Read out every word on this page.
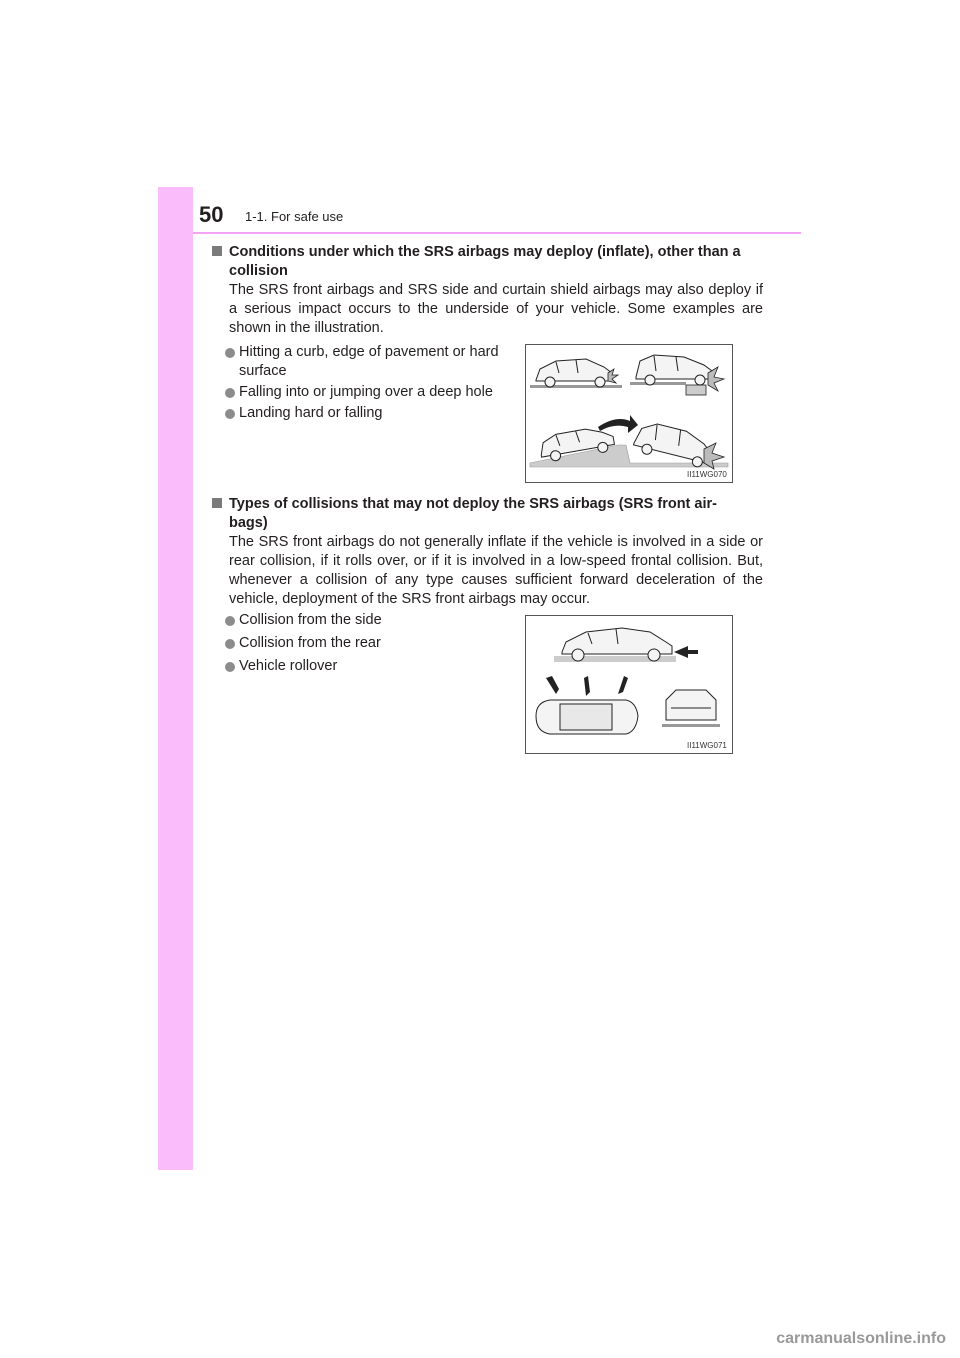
50 1-1. For safe use
Conditions under which the SRS airbags may deploy (inflate), other than a collision
The SRS front airbags and SRS side and curtain shield airbags may also deploy if a serious impact occurs to the underside of your vehicle. Some examples are shown in the illustration.
Hitting a curb, edge of pavement or hard surface
Falling into or jumping over a deep hole
Landing hard or falling
II11WG070
Types of collisions that may not deploy the SRS airbags (SRS front air-bags)
The SRS front airbags do not generally inflate if the vehicle is involved in a side or rear collision, if it rolls over, or if it is involved in a low-speed frontal collision. But, whenever a collision of any type causes sufficient forward deceleration of the vehicle, deployment of the SRS front airbags may occur.
Collision from the side
Collision from the rear
Vehicle rollover
II11WG071
carmanualsonline.info
